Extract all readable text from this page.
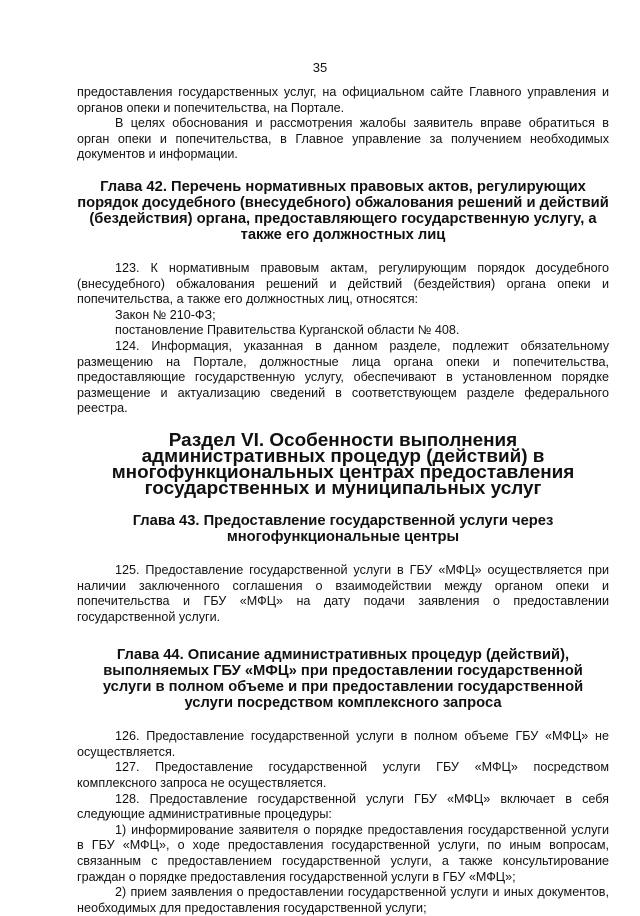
35

предоставления государственных услуг, на официальном сайте Главного управления и органов опеки и попечительства, на Портале.

В целях обоснования и рассмотрения жалобы заявитель вправе обратиться в орган опеки и попечительства, в Главное управление за получением необходимых документов и информации.

Глава 42. Перечень нормативных правовых актов, регулирующих порядок досудебного (внесудебного) обжалования решений и действий (бездействия) органа, предоставляющего государственную услугу, а также его должностных лиц

123. К нормативным правовым актам, регулирующим порядок досудебного (внесудебного) обжалования решений и действий (бездействия) органа опеки и попечительства, а также его должностных лиц, относятся:

Закон № 210-ФЗ;

постановление Правительства Курганской области № 408.

124. Информация, указанная в данном разделе, подлежит обязательному размещению на Портале, должностные лица органа опеки и попечительства, предоставляющие государственную услугу, обеспечивают в установленном порядке размещение и актуализацию сведений в соответствующем разделе федерального реестра.

Раздел VI. Особенности выполнения административных процедур (действий) в многофункциональных центрах предоставления государственных и муниципальных услуг
Глава 43. Предоставление государственной услуги через многофункциональные центры

125. Предоставление государственной услуги в ГБУ «МФЦ» осуществляется при наличии заключенного соглашения о взаимодействии между органом опеки и попечительства и ГБУ «МФЦ» на дату подачи заявления о предоставлении государственной услуги.

Глава 44. Описание административных процедур (действий), выполняемых ГБУ «МФЦ» при предоставлении государственной услуги в полном объеме и при предоставлении государственной услуги посредством комплексного запроса

126. Предоставление государственной услуги в полном объеме ГБУ «МФЦ» не осуществляется.

127. Предоставление государственной услуги ГБУ «МФЦ» посредством комплексного запроса не осуществляется.

128. Предоставление государственной услуги ГБУ «МФЦ» включает в себя следующие административные процедуры:

1) информирование заявителя о порядке предоставления государственной услуги в ГБУ «МФЦ», о ходе предоставления государственной услуги, по иным вопросам, связанным с предоставлением государственной услуги, а также консультирование граждан о порядке предоставления государственной услуги в ГБУ «МФЦ»;

2) прием заявления о предоставлении государственной услуги и иных документов, необходимых для предоставления государственной услуги;
